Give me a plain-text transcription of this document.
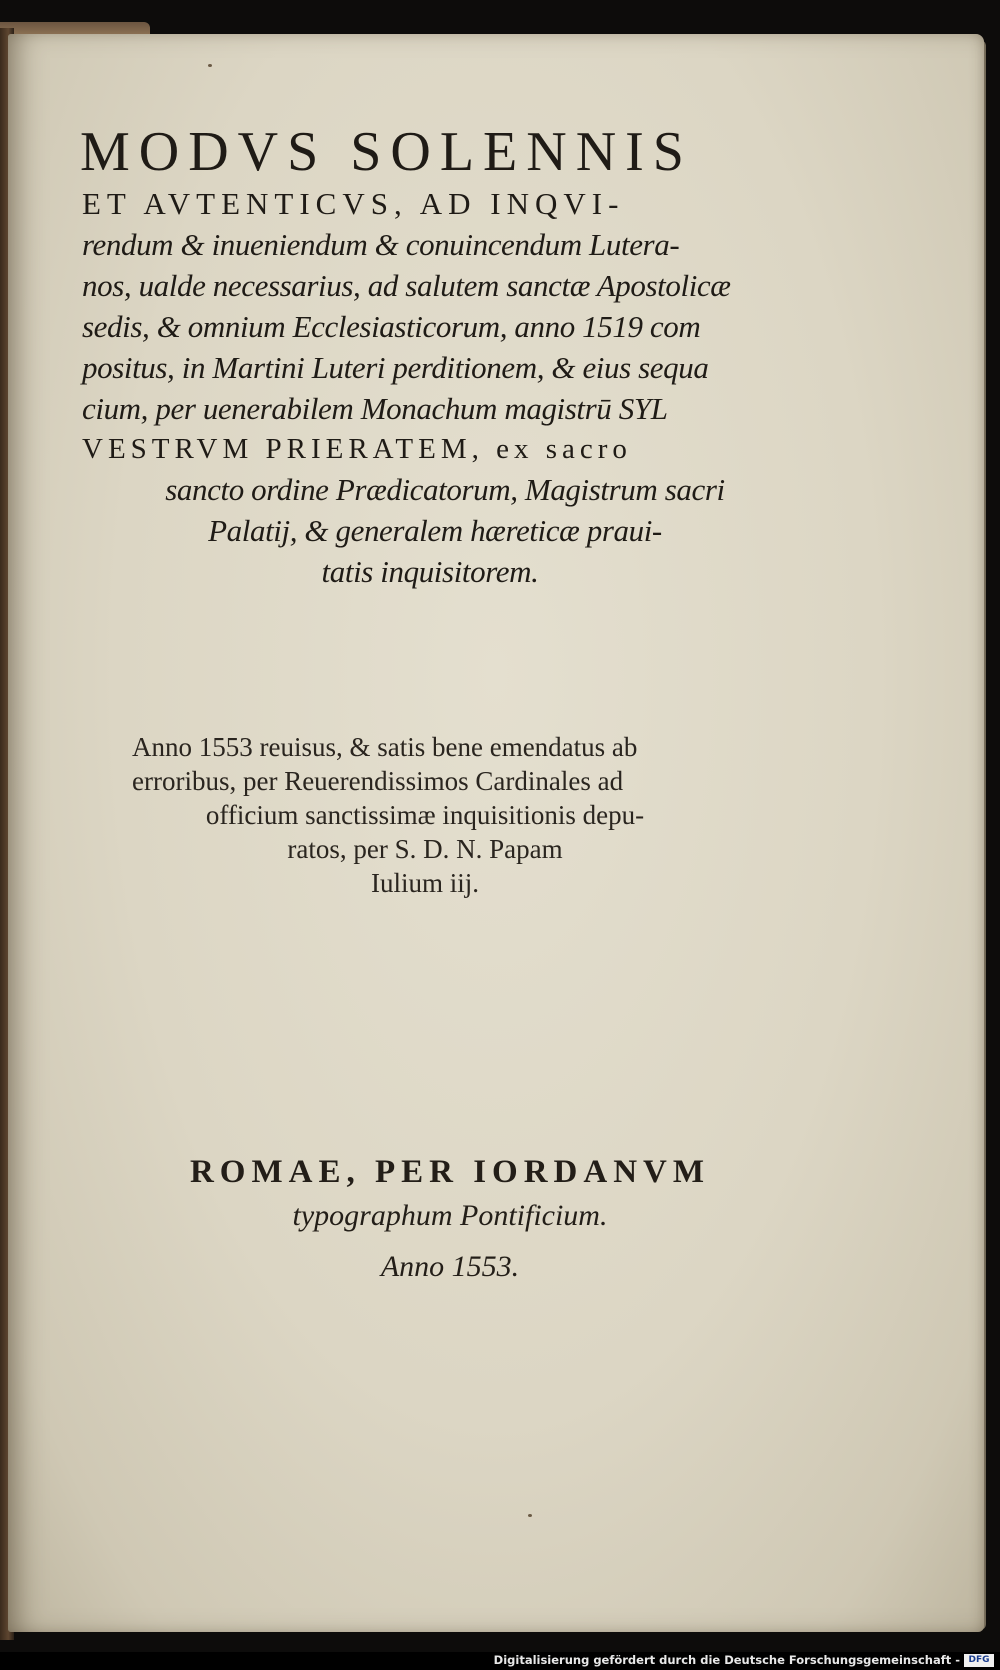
MODVS SOLENNIS
ET AVTENTICVS, AD INQVI-
rendum & inueniendum & conuincendum Lutera-
nos, ualde necessarius, ad salutem sanctæ Apostolicæ
sedis, & omnium Ecclesiasticorum, anno 1519 com
positus, in Martini Luteri perditionem, & eius sequa
cium, per uenerabilem Monachum magistrū SYL
VESTRVM PRIERATEM, ex sacro
sancto ordine Prædicatorum, Magistrum sacri
Palatij, & generalem hæreticæ praui-
tatis inquisitorem.
Anno 1553 reuisus, & satis bene emendatus ab
erroribus, per Reuerendissimos Cardinales ad
officium sanctissimæ inquisitionis depu-
ratos, per S. D. N. Papam
Iulium iij.
ROMAE, PER IORDANVM
typographum Pontificium.
Anno 1553.
Digitalisierung gefördert durch die Deutsche Forschungsgemeinschaft - DFG
